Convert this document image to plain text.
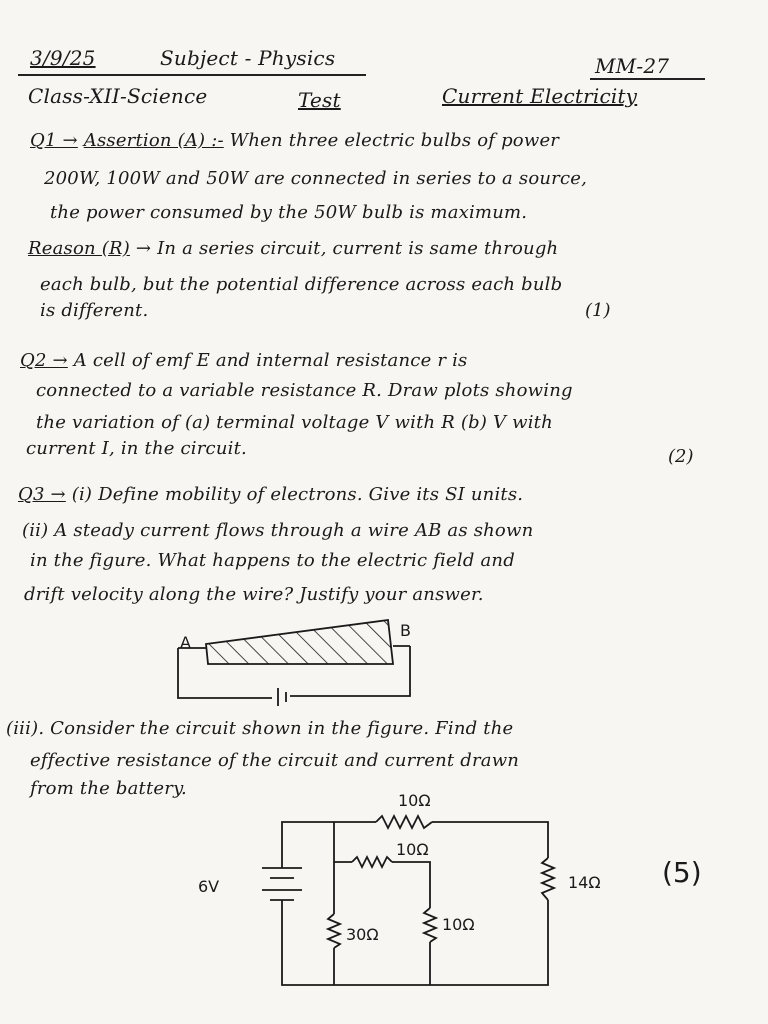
3/9/25	Subject - Physics	MM-27
Class-XII-Science	Test	Current Electricity
Q1 → Assertion (A) :- When three electric bulbs of power
200W, 100W and 50W are connected in series to a source,
the power consumed by the 50W bulb is maximum.
Reason (R) → In a series circuit, current is same through
each bulb, but the potential difference across each bulb
is different.	(1)
Q2 → A cell of emf E and internal resistance r is
connected to a variable resistance R. Draw plots showing
the variation of (a) terminal voltage V with R (b) V with
current I, in the circuit.	(2)
Q3 → (i) Define mobility of electrons. Give its SI units.
(ii) A steady current flows through a wire AB as shown
in the figure. What happens to the electric field and
drift velocity along the wire? Justify your answer.
(iii). Consider the circuit shown in the figure. Find the
effective resistance of the circuit and current drawn
from the battery.
(5)
A
B
6V
10Ω
10Ω
14Ω
30Ω
10Ω
